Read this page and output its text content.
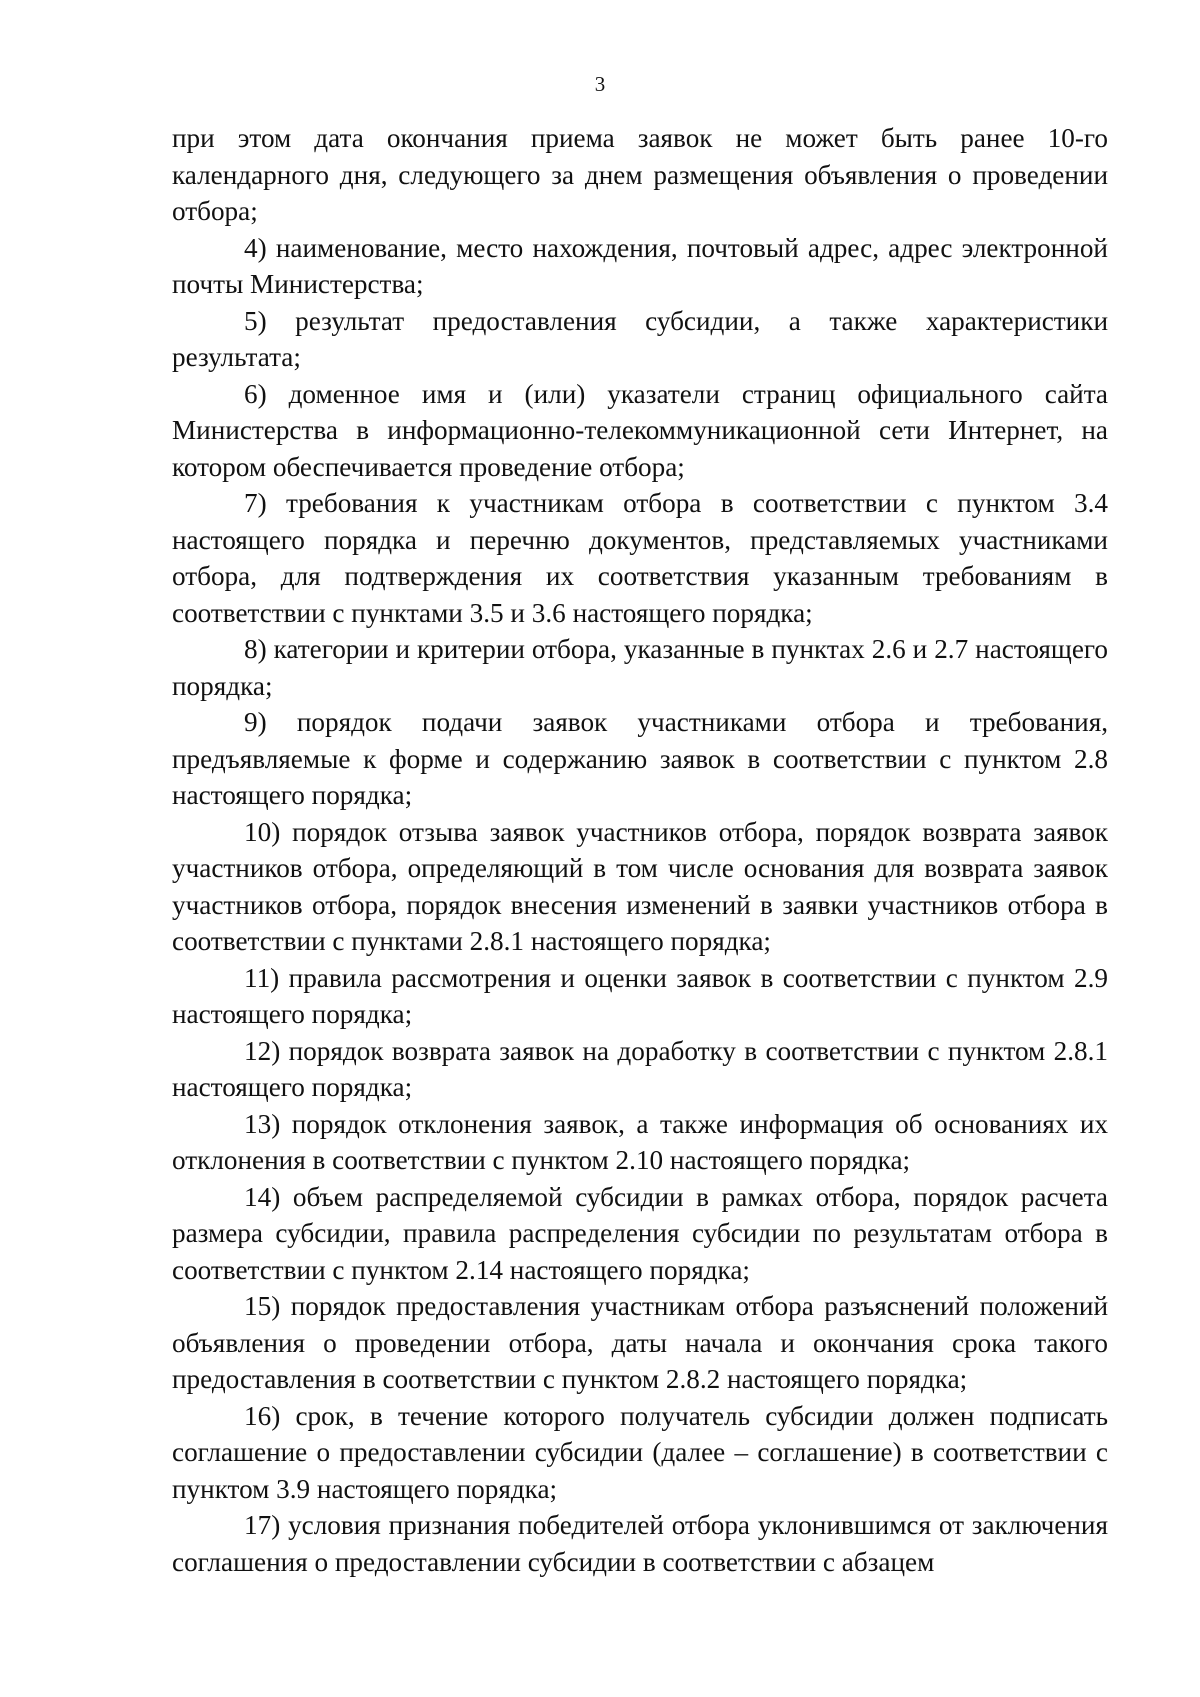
3

при этом дата окончания приема заявок не может быть ранее 10-го календарного дня, следующего за днем размещения объявления о проведении отбора;

4) наименование, место нахождения, почтовый адрес, адрес электронной почты Министерства;

5) результат предоставления субсидии, а также характеристики результата;

6) доменное имя и (или) указатели страниц официального сайта Министерства в информационно-телекоммуникационной сети Интернет, на котором обеспечивается проведение отбора;

7) требования к участникам отбора в соответствии с пунктом 3.4 настоящего порядка и перечню документов, представляемых участниками отбора, для подтверждения их соответствия указанным требованиям в соответствии с пунктами 3.5 и 3.6 настоящего порядка;

8) категории и критерии отбора, указанные в пунктах 2.6 и 2.7 настоящего порядка;

9) порядок подачи заявок участниками отбора и требования, предъявляемые к форме и содержанию заявок в соответствии с пунктом 2.8 настоящего порядка;

10) порядок отзыва заявок участников отбора, порядок возврата заявок участников отбора, определяющий в том числе основания для возврата заявок участников отбора, порядок внесения изменений в заявки участников отбора в соответствии с пунктами 2.8.1 настоящего порядка;

11) правила рассмотрения и оценки заявок в соответствии с пунктом 2.9 настоящего порядка;

12) порядок возврата заявок на доработку в соответствии с пунктом 2.8.1 настоящего порядка;

13) порядок отклонения заявок, а также информация об основаниях их отклонения в соответствии с пунктом 2.10 настоящего порядка;

14) объем распределяемой субсидии в рамках отбора, порядок расчета размера субсидии, правила распределения субсидии по результатам отбора в соответствии с пунктом 2.14 настоящего порядка;

15) порядок предоставления участникам отбора разъяснений положений объявления о проведении отбора, даты начала и окончания срока такого предоставления в соответствии с пунктом 2.8.2 настоящего порядка;

16) срок, в течение которого получатель субсидии должен подписать соглашение о предоставлении субсидии (далее – соглашение) в соответствии с пунктом 3.9 настоящего порядка;

17) условия признания победителей отбора уклонившимся от заключения соглашения о предоставлении субсидии в соответствии с абзацем
